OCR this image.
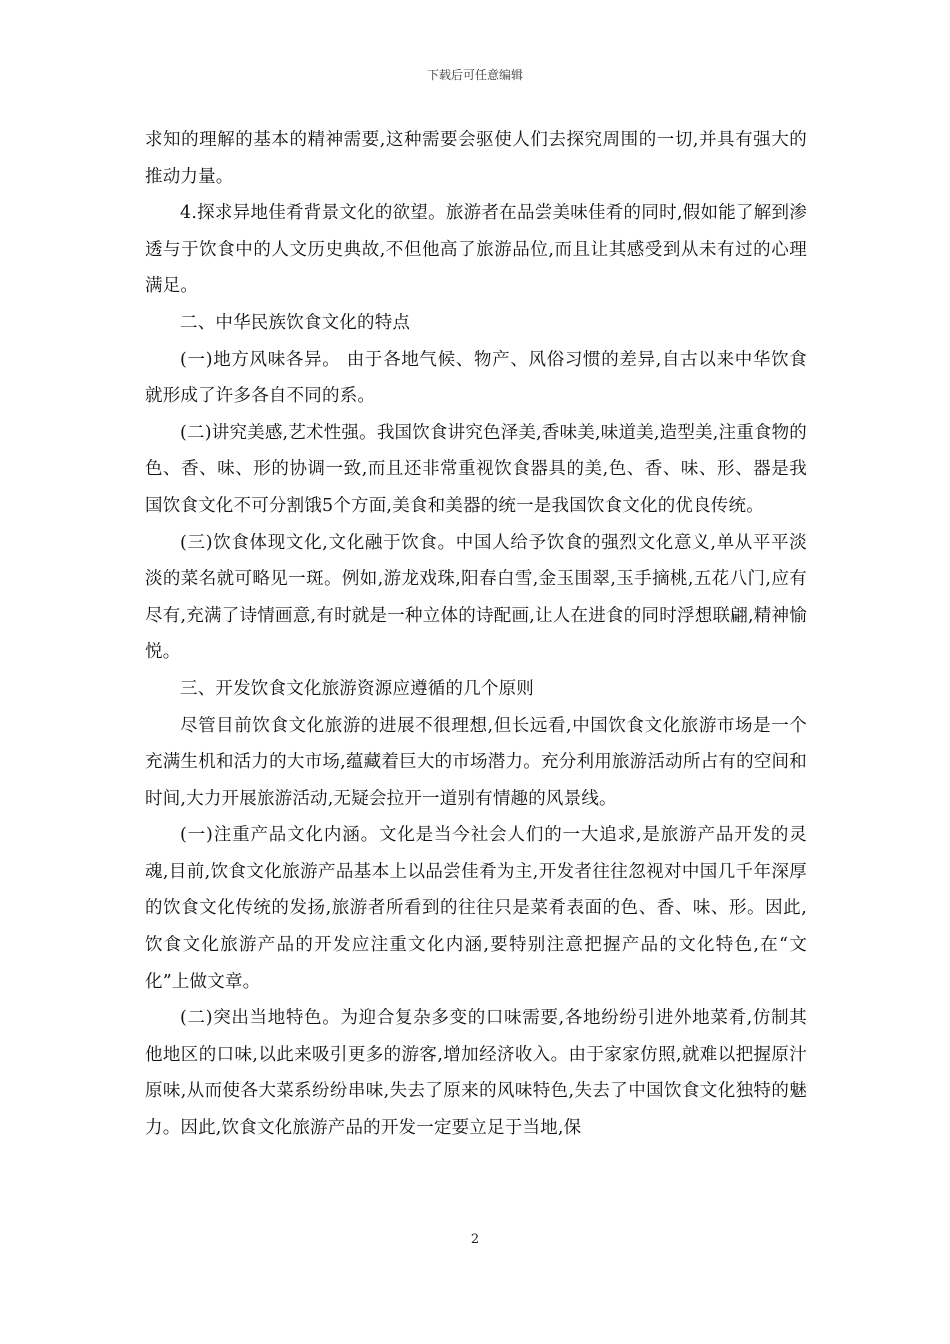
下载后可任意编辑

求知的理解的基本的精神需要,这种需要会驱使人们去探究周围的一切,并具有强大的推动力量。

4.探求异地佳肴背景文化的欲望。旅游者在品尝美味佳肴的同时,假如能了解到渗透与于饮食中的人文历史典故,不但他高了旅游品位,而且让其感受到从未有过的心理满足。

二、中华民族饮食文化的特点

(一)地方风味各异。 由于各地气候、物产、风俗习惯的差异,自古以来中华饮食就形成了许多各自不同的系。

(二)讲究美感,艺术性强。我国饮食讲究色泽美,香味美,味道美,造型美,注重食物的色、香、味、形的协调一致,而且还非常重视饮食器具的美,色、香、味、形、器是我国饮食文化不可分割饿5个方面,美食和美器的统一是我国饮食文化的优良传统。

(三)饮食体现文化,文化融于饮食。中国人给予饮食的强烈文化意义,单从平平淡淡的菜名就可略见一斑。例如,游龙戏珠,阳春白雪,金玉围翠,玉手摘桃,五花八门,应有尽有,充满了诗情画意,有时就是一种立体的诗配画,让人在进食的同时浮想联翩,精神愉悦。

三、开发饮食文化旅游资源应遵循的几个原则

尽管目前饮食文化旅游的进展不很理想,但长远看,中国饮食文化旅游市场是一个充满生机和活力的大市场,蕴藏着巨大的市场潜力。充分利用旅游活动所占有的空间和时间,大力开展旅游活动,无疑会拉开一道别有情趣的风景线。

(一)注重产品文化内涵。文化是当今社会人们的一大追求,是旅游产品开发的灵魂,目前,饮食文化旅游产品基本上以品尝佳肴为主,开发者往往忽视对中国几千年深厚的饮食文化传统的发扬,旅游者所看到的往往只是菜肴表面的色、香、味、形。因此,饮食文化旅游产品的开发应注重文化内涵,要特别注意把握产品的文化特色,在“文化”上做文章。

(二)突出当地特色。为迎合复杂多变的口味需要,各地纷纷引进外地菜肴,仿制其他地区的口味,以此来吸引更多的游客,增加经济收入。由于家家仿照,就难以把握原汁原味,从而使各大菜系纷纷串味,失去了原来的风味特色,失去了中国饮食文化独特的魅力。因此,饮食文化旅游产品的开发一定要立足于当地,保

2
